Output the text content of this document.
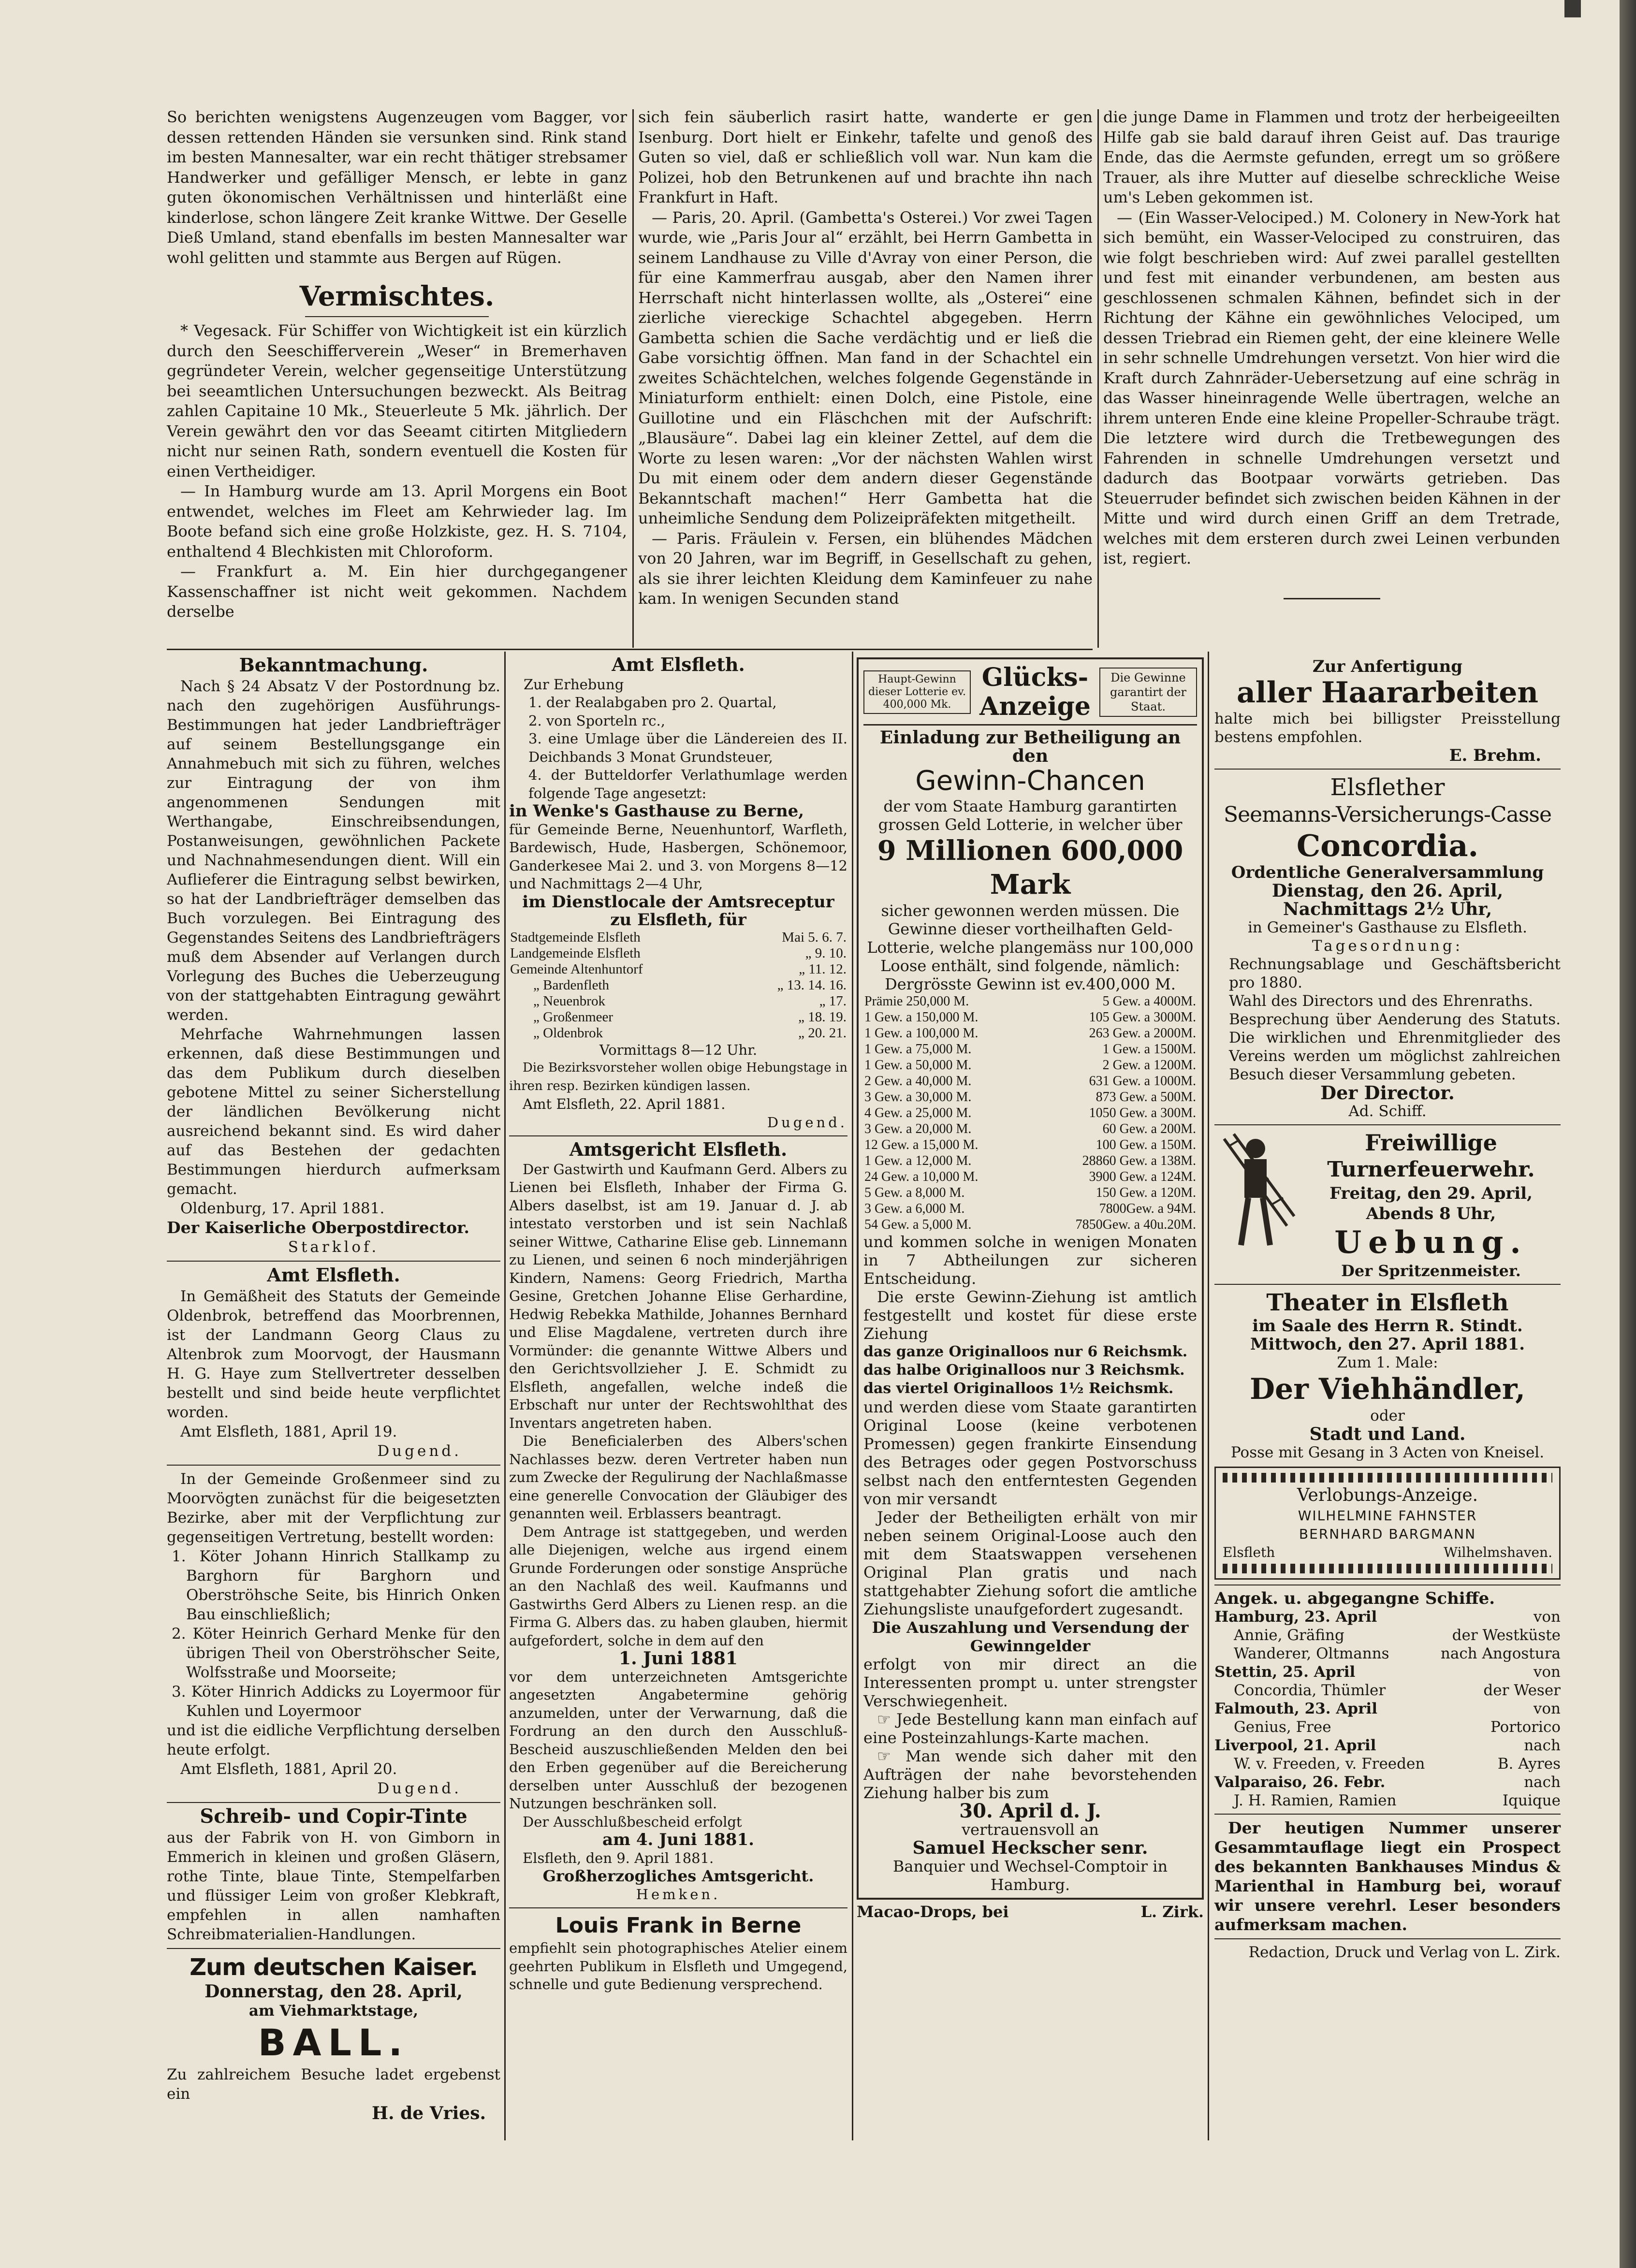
So berichten wenigstens Augenzeugen vom Bagger, vor dessen rettenden Händen sie versunken sind. Rink stand im besten Mannesalter, war ein recht thätiger strebsamer Handwerker und gefälliger Mensch, er lebte in ganz guten ökonomischen Verhältnissen und hinterläßt eine kinderlose, schon längere Zeit kranke Wittwe. Der Geselle Dieß Umland, stand ebenfalls im besten Mannesalter war wohl gelitten und stammte aus Bergen auf Rügen.

Vermischtes.

* Vegesack. Für Schiffer von Wichtigkeit ist ein kürzlich durch den Seeschifferverein „Weser“ in Bremerhaven gegründeter Verein, welcher gegenseitige Unterstützung bei seeamtlichen Untersuchungen bezweckt. Als Beitrag zahlen Capitaine 10 Mk., Steuerleute 5 Mk. jährlich. Der Verein gewährt den vor das Seeamt citirten Mitgliedern nicht nur seinen Rath, sondern eventuell die Kosten für einen Vertheidiger.

— In Hamburg wurde am 13. April Morgens ein Boot entwendet, welches im Fleet am Kehrwieder lag. Im Boote befand sich eine große Holzkiste, gez. H. S. 7104, enthaltend 4 Blechkisten mit Chloroform.

— Frankfurt a. M. Ein hier durchgegangener Kassenschaffner ist nicht weit gekommen. Nachdem derselbe

sich fein säuberlich rasirt hatte, wanderte er gen Isenburg. Dort hielt er Einkehr, tafelte und genoß des Guten so viel, daß er schließlich voll war. Nun kam die Polizei, hob den Betrunkenen auf und brachte ihn nach Frankfurt in Haft.

— Paris, 20. April. (Gambetta's Osterei.) Vor zwei Tagen wurde, wie „Paris Jour al“ erzählt, bei Herrn Gambetta in seinem Landhause zu Ville d'Avray von einer Person, die für eine Kammerfrau ausgab, aber den Namen ihrer Herrschaft nicht hinterlassen wollte, als „Osterei“ eine zierliche viereckige Schachtel abgegeben. Herrn Gambetta schien die Sache verdächtig und er ließ die Gabe vorsichtig öffnen. Man fand in der Schachtel ein zweites Schächtelchen, welches folgende Gegenstände in Miniaturform enthielt: einen Dolch, eine Pistole, eine Guillotine und ein Fläschchen mit der Aufschrift: „Blausäure“. Dabei lag ein kleiner Zettel, auf dem die Worte zu lesen waren: „Vor der nächsten Wahlen wirst Du mit einem oder dem andern dieser Gegenstände Bekanntschaft machen!“ Herr Gambetta hat die unheimliche Sendung dem Polizeipräfekten mitgetheilt.

— Paris. Fräulein v. Fersen, ein blühendes Mädchen von 20 Jahren, war im Begriff, in Gesellschaft zu gehen, als sie ihrer leichten Kleidung dem Kaminfeuer zu nahe kam. In wenigen Secunden stand

die junge Dame in Flammen und trotz der herbeigeeilten Hilfe gab sie bald darauf ihren Geist auf. Das traurige Ende, das die Aermste gefunden, erregt um so größere Trauer, als ihre Mutter auf dieselbe schreckliche Weise um's Leben gekommen ist.

— (Ein Wasser-Velociped.) M. Colonery in New-York hat sich bemüht, ein Wasser-Velociped zu construiren, das wie folgt beschrieben wird: Auf zwei parallel gestellten und fest mit einander verbundenen, am besten aus geschlossenen schmalen Kähnen, befindet sich in der Richtung der Kähne ein gewöhnliches Velociped, um dessen Triebrad ein Riemen geht, der eine kleinere Welle in sehr schnelle Umdrehungen versetzt. Von hier wird die Kraft durch Zahnräder-Uebersetzung auf eine schräg in das Wasser hineinragende Welle übertragen, welche an ihrem unteren Ende eine kleine Propeller-Schraube trägt. Die letztere wird durch die Tretbewegungen des Fahrenden in schnelle Umdrehungen versetzt und dadurch das Bootpaar vorwärts getrieben. Das Steuerruder befindet sich zwischen beiden Kähnen in der Mitte und wird durch einen Griff an dem Tretrade, welches mit dem ersteren durch zwei Leinen verbunden ist, regiert.

Bekanntmachung.

Nach § 24 Absatz V der Postordnung bz. nach den zugehörigen Ausführungs-Bestimmungen hat jeder Landbriefträger auf seinem Bestellungsgange ein Annahmebuch mit sich zu führen, welches zur Eintragung der von ihm angenommenen Sendungen mit Werthangabe, Einschreibsendungen, Postanweisungen, gewöhnlichen Packete und Nachnahmesendungen dient. Will ein Auflieferer die Eintragung selbst bewirken, so hat der Landbriefträger demselben das Buch vorzulegen. Bei Eintragung des Gegenstandes Seitens des Landbriefträgers muß dem Absender auf Verlangen durch Vorlegung des Buches die Ueberzeugung von der stattgehabten Eintragung gewährt werden.

Mehrfache Wahrnehmungen lassen erkennen, daß diese Bestimmungen und das dem Publikum durch dieselben gebotene Mittel zu seiner Sicherstellung der ländlichen Bevölkerung nicht ausreichend bekannt sind. Es wird daher auf das Bestehen der gedachten Bestimmungen hierdurch aufmerksam gemacht.

Oldenburg, 17. April 1881.

Der Kaiserliche Oberpostdirector.

Starklof.

Amt Elsfleth.

In Gemäßheit des Statuts der Gemeinde Oldenbrok, betreffend das Moorbrennen, ist der Landmann Georg Claus zu Altenbrok zum Moorvogt, der Hausmann H. G. Haye zum Stellvertreter desselben bestellt und sind beide heute verpflichtet worden.

Amt Elsfleth, 1881, April 19.

Dugend.

In der Gemeinde Großenmeer sind zu Moorvögten zunächst für die beigesetzten Bezirke, aber mit der Verpflichtung zur gegenseitigen Vertretung, bestellt worden:

1. Köter Johann Hinrich Stallkamp zu Barghorn für Barghorn und Oberströhsche Seite, bis Hinrich Onken Bau einschließlich;

2. Köter Heinrich Gerhard Menke für den übrigen Theil von Oberströhscher Seite, Wolfsstraße und Moorseite;

3. Köter Hinrich Addicks zu Loyermoor für Kuhlen und Loyermoor

und ist die eidliche Verpflichtung derselben heute erfolgt.

Amt Elsfleth, 1881, April 20.

Dugend.

Schreib- und Copir-Tinte

aus der Fabrik von H. von Gimborn in Emmerich in kleinen und großen Gläsern, rothe Tinte, blaue Tinte, Stempelfarben und flüssiger Leim von großer Klebkraft, empfehlen in allen namhaften Schreibmaterialien-Handlungen.

Zum deutschen Kaiser.
Donnerstag, den 28. April,
am Viehmarktstage,
BALL.

Zu zahlreichem Besuche ladet ergebenst ein

H. de Vries.
Amt Elsfleth.

Zur Erhebung

1. der Realabgaben pro 2. Quartal,

2. von Sporteln rc.,

3. eine Umlage über die Ländereien des II. Deichbands 3 Monat Grundsteuer,

4. der Butteldorfer Verlathumlage werden folgende Tage angesetzt:

in Wenke's Gasthause zu Berne,

für Gemeinde Berne, Neuenhuntorf, Warfleth, Bardewisch, Hude, Hasbergen, Schönemoor, Ganderkesee Mai 2. und 3. von Morgens 8—12 und Nachmittags 2—4 Uhr,

im Dienstlocale der Amtsreceptur zu Elsfleth, für

Stadtgemeinde Elsfleth	Mai 5. 6. 7.
Landgemeinde Elsfleth	„ 9. 10.
Gemeinde Altenhuntorf	„ 11. 12.
„ Bardenfleth	„ 13. 14. 16.
„ Neuenbrok	„ 17.
„ Großenmeer	„ 18. 19.
„ Oldenbrok	„ 20. 21.

Vormittags 8—12 Uhr.

Die Bezirksvorsteher wollen obige Hebungstage in ihren resp. Bezirken kündigen lassen.

Amt Elsfleth, 22. April 1881.

Dugend.

Amtsgericht Elsfleth.

Der Gastwirth und Kaufmann Gerd. Albers zu Lienen bei Elsfleth, Inhaber der Firma G. Albers daselbst, ist am 19. Januar d. J. ab intestato verstorben und ist sein Nachlaß seiner Wittwe, Catharine Elise geb. Linnemann zu Lienen, und seinen 6 noch minderjährigen Kindern, Namens: Georg Friedrich, Martha Gesine, Gretchen Johanne Elise Gerhardine, Hedwig Rebekka Mathilde, Johannes Bernhard und Elise Magdalene, vertreten durch ihre Vormünder: die genannte Wittwe Albers und den Gerichtsvollzieher J. E. Schmidt zu Elsfleth, angefallen, welche indeß die Erbschaft nur unter der Rechtswohlthat des Inventars angetreten haben.

Die Beneficialerben des Albers'schen Nachlasses bezw. deren Vertreter haben nun zum Zwecke der Regulirung der Nachlaßmasse eine generelle Convocation der Gläubiger des genannten weil. Erblassers beantragt.

Dem Antrage ist stattgegeben, und werden alle Diejenigen, welche aus irgend einem Grunde Forderungen oder sonstige Ansprüche an den Nachlaß des weil. Kaufmanns und Gastwirths Gerd Albers zu Lienen resp. an die Firma G. Albers das. zu haben glauben, hiermit aufgefordert, solche in dem auf den

1. Juni 1881

vor dem unterzeichneten Amtsgerichte angesetzten Angabetermine gehörig anzumelden, unter der Verwarnung, daß die Fordrung an den durch den Ausschluß-Bescheid auszuschließenden Melden den bei den Erben gegenüber auf die Bereicherung derselben unter Ausschluß der bezogenen Nutzungen beschränken soll.

Der Ausschlußbescheid erfolgt

am 4. Juni 1881.

Elsfleth, den 9. April 1881.

Großherzogliches Amtsgericht.

Hemken.

Louis Frank in Berne

empfiehlt sein photographisches Atelier einem geehrten Publikum in Elsfleth und Umgegend, schnelle und gute Bedienung versprechend.

Haupt-Gewinn dieser Lotterie ev. 400,000 Mk.
Glücks-Anzeige
Die Gewinne garantirt der Staat.
Einladung zur Betheiligung an den
Gewinn-Chancen

der vom Staate Hamburg garantirten grossen Geld Lotterie, in welcher über

9 Millionen 600,000 Mark

sicher gewonnen werden müssen. Die Gewinne dieser vortheilhaften Geld-Lotterie, welche plangemäss nur 100,000 Loose enthält, sind folgende, nämlich:

Dergrösste Gewinn ist ev.400,000 M.

Prämie 250,000 M.	5 Gew. a 4000M.
1 Gew. a 150,000 M.	105 Gew. a 3000M.
1 Gew. a 100,000 M.	263 Gew. a 2000M.
1 Gew. a 75,000 M.	1 Gew. a 1500M.
1 Gew. a 50,000 M.	2 Gew. a 1200M.
2 Gew. a 40,000 M.	631 Gew. a 1000M.
3 Gew. a 30,000 M.	873 Gew. a 500M.
4 Gew. a 25,000 M.	1050 Gew. a 300M.
3 Gew. a 20,000 M.	60 Gew. a 200M.
12 Gew. a 15,000 M.	100 Gew. a 150M.
1 Gew. a 12,000 M.	28860 Gew. a 138M.
24 Gew. a 10,000 M.	3900 Gew. a 124M.
5 Gew. a 8,000 M.	150 Gew. a 120M.
3 Gew. a 6,000 M.	7800Gew. a 94M.
54 Gew. a 5,000 M.	7850Gew. a 40u.20M.

und kommen solche in wenigen Monaten in 7 Abtheilungen zur sicheren Entscheidung.

Die erste Gewinn-Ziehung ist amtlich festgestellt und kostet für diese erste Ziehung

das ganze Originalloos nur 6 Reichsmk.

das halbe Originalloos nur 3 Reichsmk.

das viertel Originalloos 1½ Reichsmk.

und werden diese vom Staate garantirten Original Loose (keine verbotenen Promessen) gegen frankirte Einsendung des Betrages oder gegen Postvorschuss selbst nach den entferntesten Gegenden von mir versandt

Jeder der Betheiligten erhält von mir neben seinem Original-Loose auch den mit dem Staatswappen versehenen Original Plan gratis und nach stattgehabter Ziehung sofort die amtliche Ziehungsliste unaufgefordert zugesandt.

Die Auszahlung und Versendung der Gewinngelder

erfolgt von mir direct an die Interessenten prompt u. unter strengster Verschwiegenheit.

☞ Jede Bestellung kann man einfach auf eine Posteinzahlungs-Karte machen.

☞ Man wende sich daher mit den Aufträgen der nahe bevorstehenden Ziehung halber bis zum

30. April d. J.

vertrauensvoll an

Samuel Heckscher senr.

Banquier und Wechsel-Comptoir in Hamburg.

Macao-Drops, bei	L. Zirk.
Zur Anfertigung
aller Haararbeiten

halte mich bei billigster Preisstellung bestens empfohlen.

E. Brehm.

Elsflether
Seemanns-Versicherungs-Casse
Concordia.

Ordentliche Generalversammlung

Dienstag, den 26. April, Nachmittags 2½ Uhr,

in Gemeiner's Gasthause zu Elsfleth.

Tagesordnung:

Rechnungsablage und Geschäftsbericht pro 1880.

Wahl des Directors und des Ehrenraths.

Besprechung über Aenderung des Statuts. Die wirklichen und Ehrenmitglieder des Vereins werden um möglichst zahlreichen Besuch dieser Versammlung gebeten.

Der Director.

Ad. Schiff.

Freiwillige
Turnerfeuerwehr.
Freitag, den 29. April, Abends 8 Uhr,
Uebung.
Der Spritzenmeister.
Theater in Elsfleth
im Saale des Herrn R. Stindt.
Mittwoch, den 27. April 1881.
Zum 1. Male:
Der Viehhändler,
oder
Stadt und Land.
Posse mit Gesang in 3 Acten von Kneisel.
Verlobungs-Anzeige.
WILHELMINE FAHNSTER
BERNHARD BARGMANN
Elsfleth	Wilhelmshaven.
Angek. u. abgegangne Schiffe.
Hamburg, 23. April	von
Annie, Gräfing	der Westküste
Wanderer, Oltmanns	nach Angostura
Stettin, 25. April	von
Concordia, Thümler	der Weser
Falmouth, 23. April	von
Genius, Free	Portorico
Liverpool, 21. April	nach
W. v. Freeden, v. Freeden	B. Ayres
Valparaiso, 26. Febr.	nach
J. H. Ramien, Ramien	Iquique

Der heutigen Nummer unserer Gesammtauflage liegt ein Prospect des bekannten Bankhauses Mindus & Marienthal in Hamburg bei, worauf wir unsere verehrl. Leser besonders aufmerksam machen.

Redaction, Druck und Verlag von L. Zirk.
